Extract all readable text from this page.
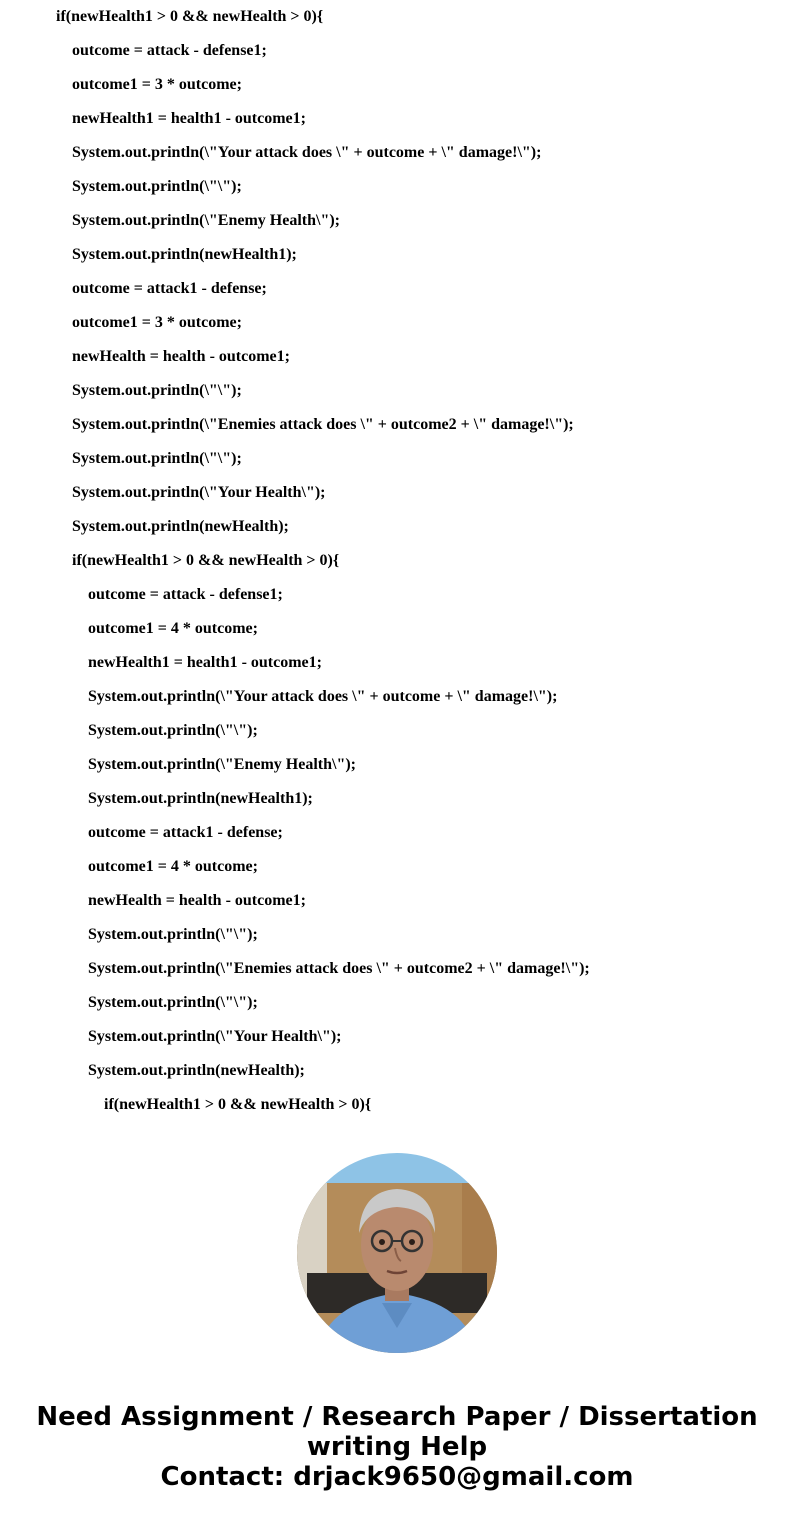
if(newHealth1 > 0 && newHealth > 0){
outcome = attack - defense1;
outcome1 = 3 * outcome;
newHealth1 = health1 - outcome1;
System.out.println(\"Your attack does \" + outcome + \" damage!\");
System.out.println(\"\");
System.out.println(\"Enemy Health\");
System.out.println(newHealth1);
outcome = attack1 - defense;
outcome1 = 3 * outcome;
newHealth = health - outcome1;
System.out.println(\"\");
System.out.println(\"Enemies attack does \" + outcome2 + \" damage!\");
System.out.println(\"\");
System.out.println(\"Your Health\");
System.out.println(newHealth);
if(newHealth1 > 0 && newHealth > 0){
outcome = attack - defense1;
outcome1 = 4 * outcome;
newHealth1 = health1 - outcome1;
System.out.println(\"Your attack does \" + outcome + \" damage!\");
System.out.println(\"\");
System.out.println(\"Enemy Health\");
System.out.println(newHealth1);
outcome = attack1 - defense;
outcome1 = 4 * outcome;
newHealth = health - outcome1;
System.out.println(\"\");
System.out.println(\"Enemies attack does \" + outcome2 + \" damage!\");
System.out.println(\"\");
System.out.println(\"Your Health\");
System.out.println(newHealth);
if(newHealth1 > 0 && newHealth > 0){
Need Assignment / Research Paper / Dissertation
writing Help
Contact: drjack9650@gmail.com
